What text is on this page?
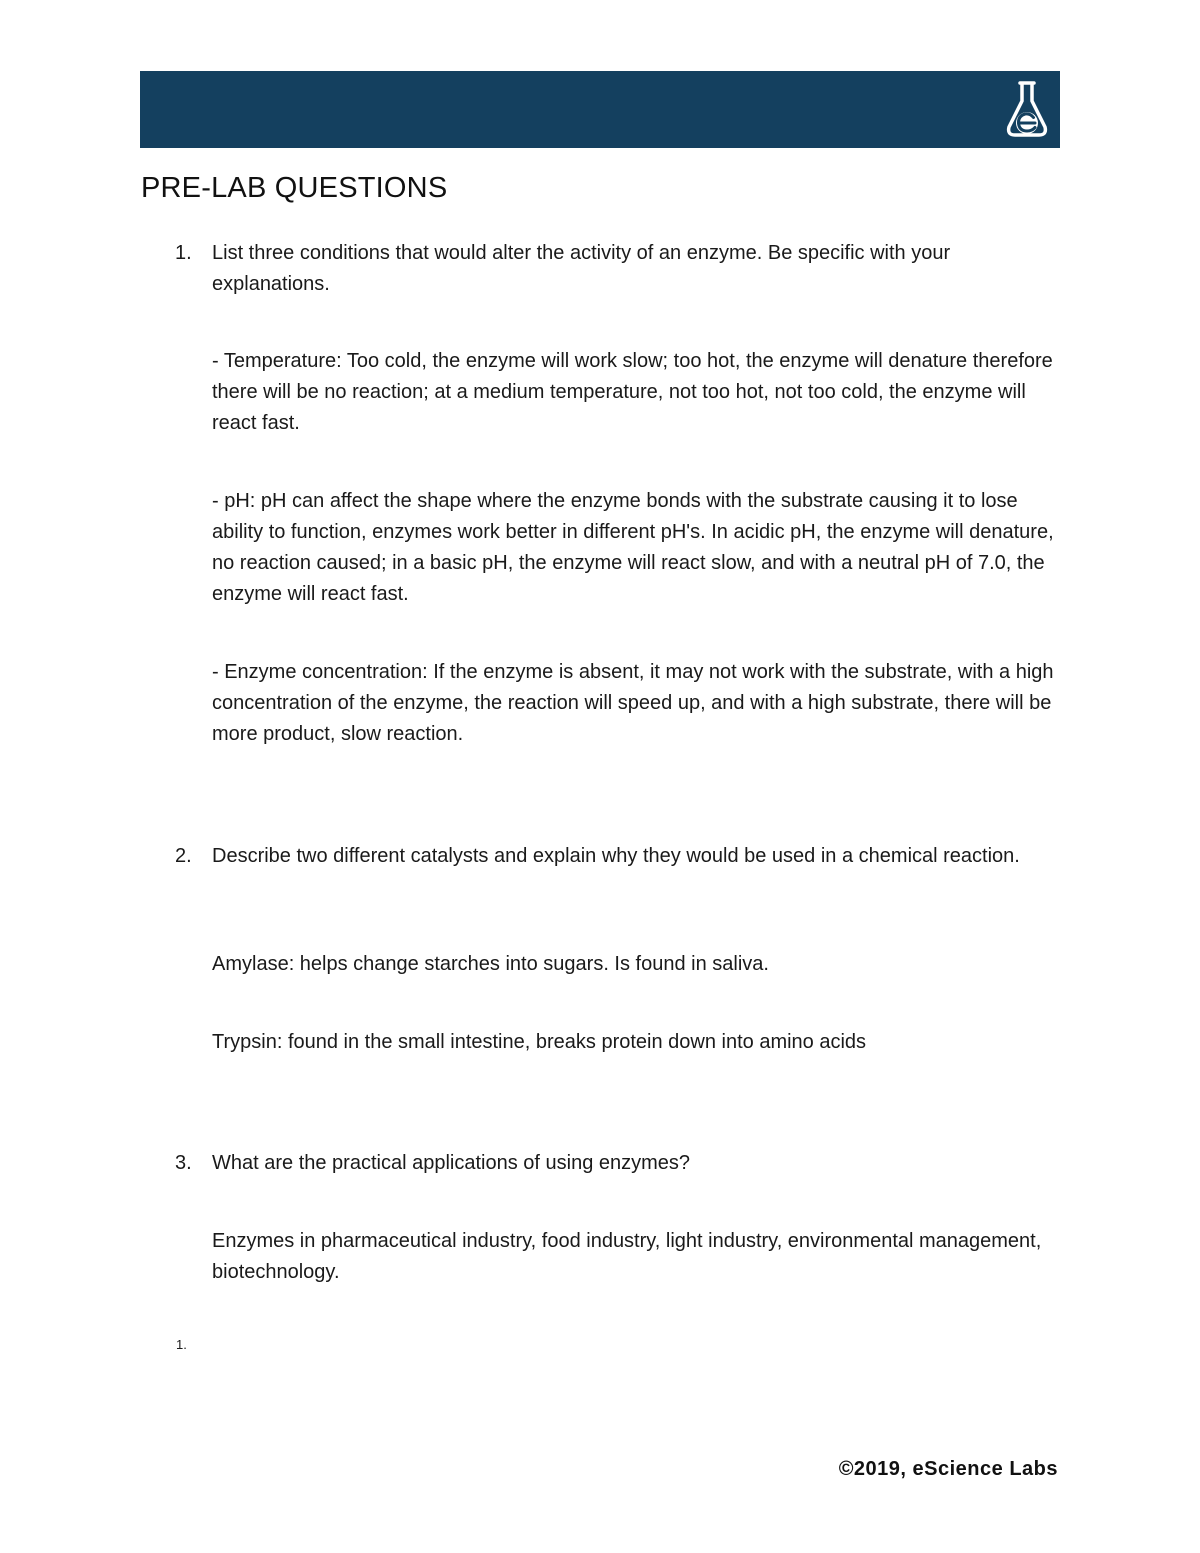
PRE-LAB QUESTIONS
1. List three conditions that would alter the activity of an enzyme. Be specific with your explanations.

- Temperature: Too cold, the enzyme will work slow; too hot, the enzyme will denature therefore there will be no reaction; at a medium temperature, not too hot, not too cold, the enzyme will react fast.

- pH: pH can affect the shape where the enzyme bonds with the substrate causing it to lose ability to function, enzymes work better in different pH's. In acidic pH, the enzyme will denature, no reaction caused; in a basic pH, the enzyme will react slow, and with a neutral pH of 7.0, the enzyme will react fast.

- Enzyme concentration: If the enzyme is absent, it may not work with the substrate, with a high concentration of the enzyme, the reaction will speed up, and with a high substrate, there will be more product, slow reaction.

2. Describe two different catalysts and explain why they would be used in a chemical reaction.

Amylase: helps change starches into sugars. Is found in saliva.

Trypsin: found in the small intestine, breaks protein down into amino acids

3. What are the practical applications of using enzymes?

Enzymes in pharmaceutical industry, food industry, light industry, environmental management, biotechnology.

1.
©2019, eScience Labs
